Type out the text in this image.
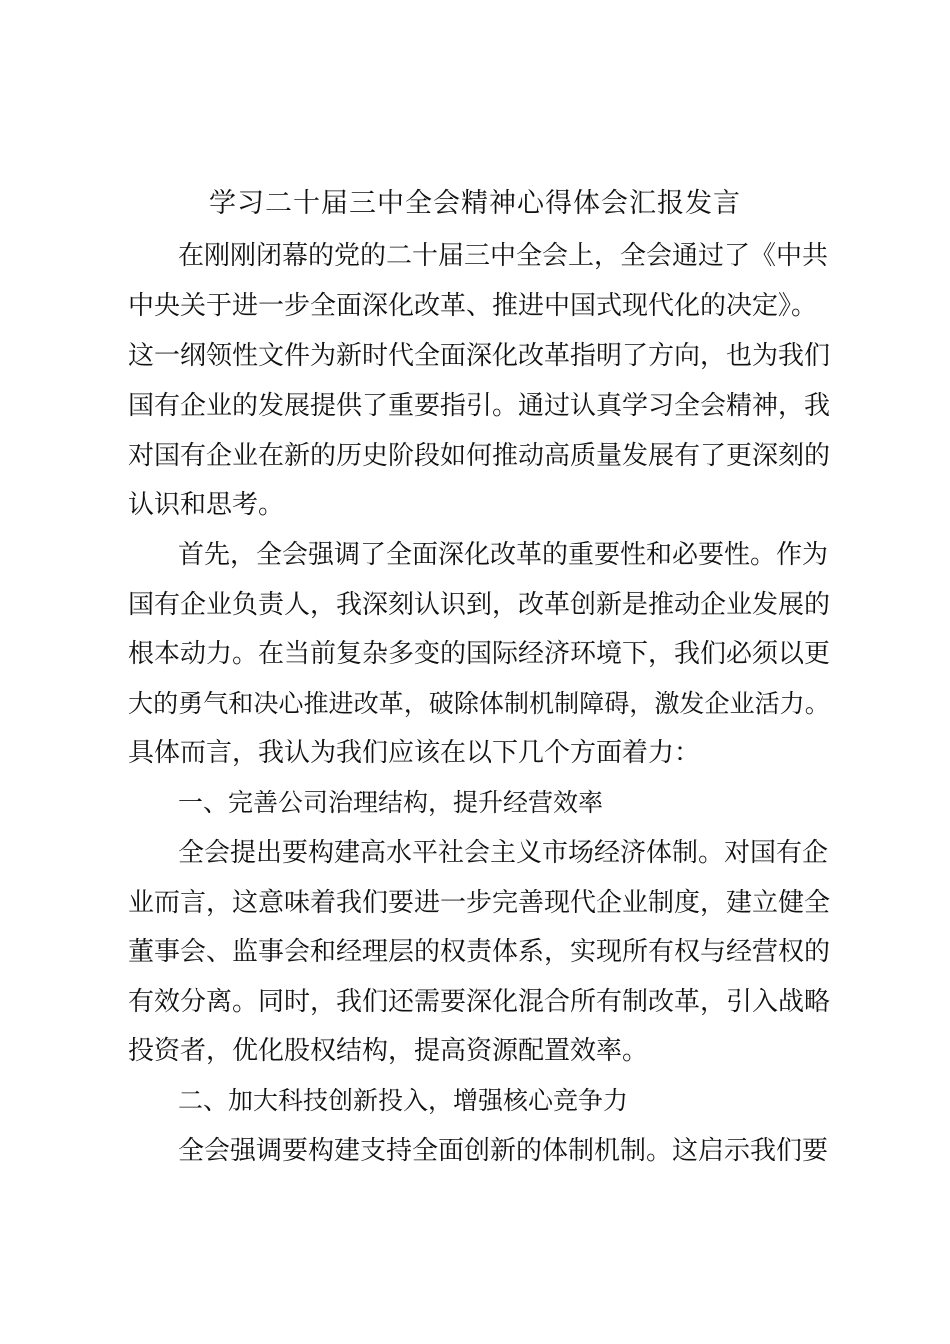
学习二十届三中全会精神心得体会汇报发言
在刚刚闭幕的党的二十届三中全会上，全会通过了《中共
中央关于进一步全面深化改革、推进中国式现代化的决定》。
这一纲领性文件为新时代全面深化改革指明了方向，也为我们
国有企业的发展提供了重要指引。通过认真学习全会精神，我
对国有企业在新的历史阶段如何推动高质量发展有了更深刻的
认识和思考。
首先，全会强调了全面深化改革的重要性和必要性。作为
国有企业负责人，我深刻认识到，改革创新是推动企业发展的
根本动力。在当前复杂多变的国际经济环境下，我们必须以更
大的勇气和决心推进改革，破除体制机制障碍，激发企业活力。
具体而言，我认为我们应该在以下几个方面着力：
一、完善公司治理结构，提升经营效率
全会提出要构建高水平社会主义市场经济体制。对国有企
业而言，这意味着我们要进一步完善现代企业制度，建立健全
董事会、监事会和经理层的权责体系，实现所有权与经营权的
有效分离。同时，我们还需要深化混合所有制改革，引入战略
投资者，优化股权结构，提高资源配置效率。
二、加大科技创新投入，增强核心竞争力
全会强调要构建支持全面创新的体制机制。这启示我们要
